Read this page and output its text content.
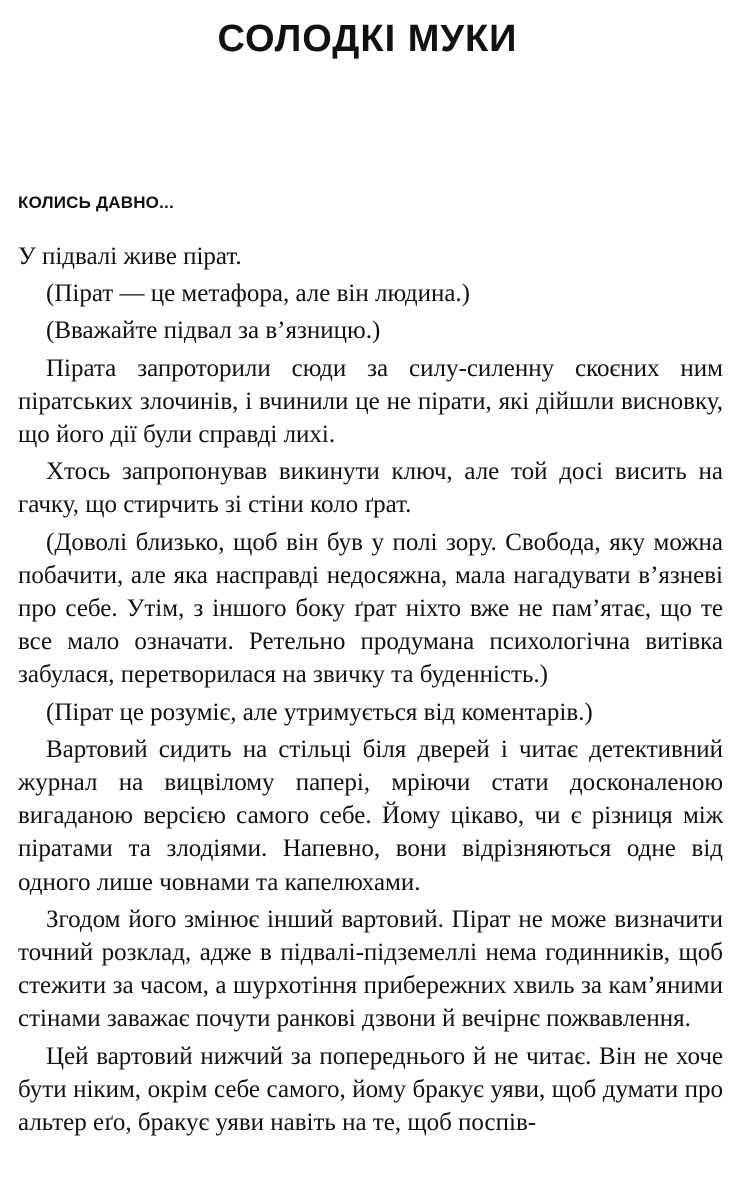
СОЛОДКІ МУКИ
КОЛИСЬ ДАВНО...

У підвалі живе пірат.

(Пірат — це метафора, але він людина.)

(Вважайте підвал за в’язницю.)

Пірата запроторили сюди за силу-силенну скоєних ним піратських злочинів, і вчинили це не пірати, які дійшли висновку, що його дії були справді лихі.

Хтось запропонував викинути ключ, але той досі висить на гачку, що стирчить зі стіни коло ґрат.

(Доволі близько, щоб він був у полі зору. Свобода, яку можна побачити, але яка насправді недосяжна, мала нагадувати в’язневі про себе. Утім, з іншого боку ґрат ніхто вже не пам’ятає, що те все мало означати. Ретельно продумана психологічна витівка забулася, перетворилася на звичку та буденність.)

(Пірат це розуміє, але утримується від коментарів.)

Вартовий сидить на стільці біля дверей і читає детективний журнал на вицвілому папері, мріючи стати досконаленою вигаданою версією самого себе. Йому цікаво, чи є різниця між піратами та злодіями. Напевно, вони відрізняються одне від одного лише човнами та капелюхами.

Згодом його змінює інший вартовий. Пірат не може визначити точний розклад, адже в підвалі-підземеллі нема годинників, щоб стежити за часом, а шурхотіння прибережних хвиль за кам’яними стінами заважає почути ранкові дзвони й вечірнє пожвавлення.

Цей вартовий нижчий за попереднього й не читає. Він не хоче бути ніким, окрім себе самого, йому бракує уяви, щоб думати про альтер еґо, бракує уяви навіть на те, щоб поспів-
